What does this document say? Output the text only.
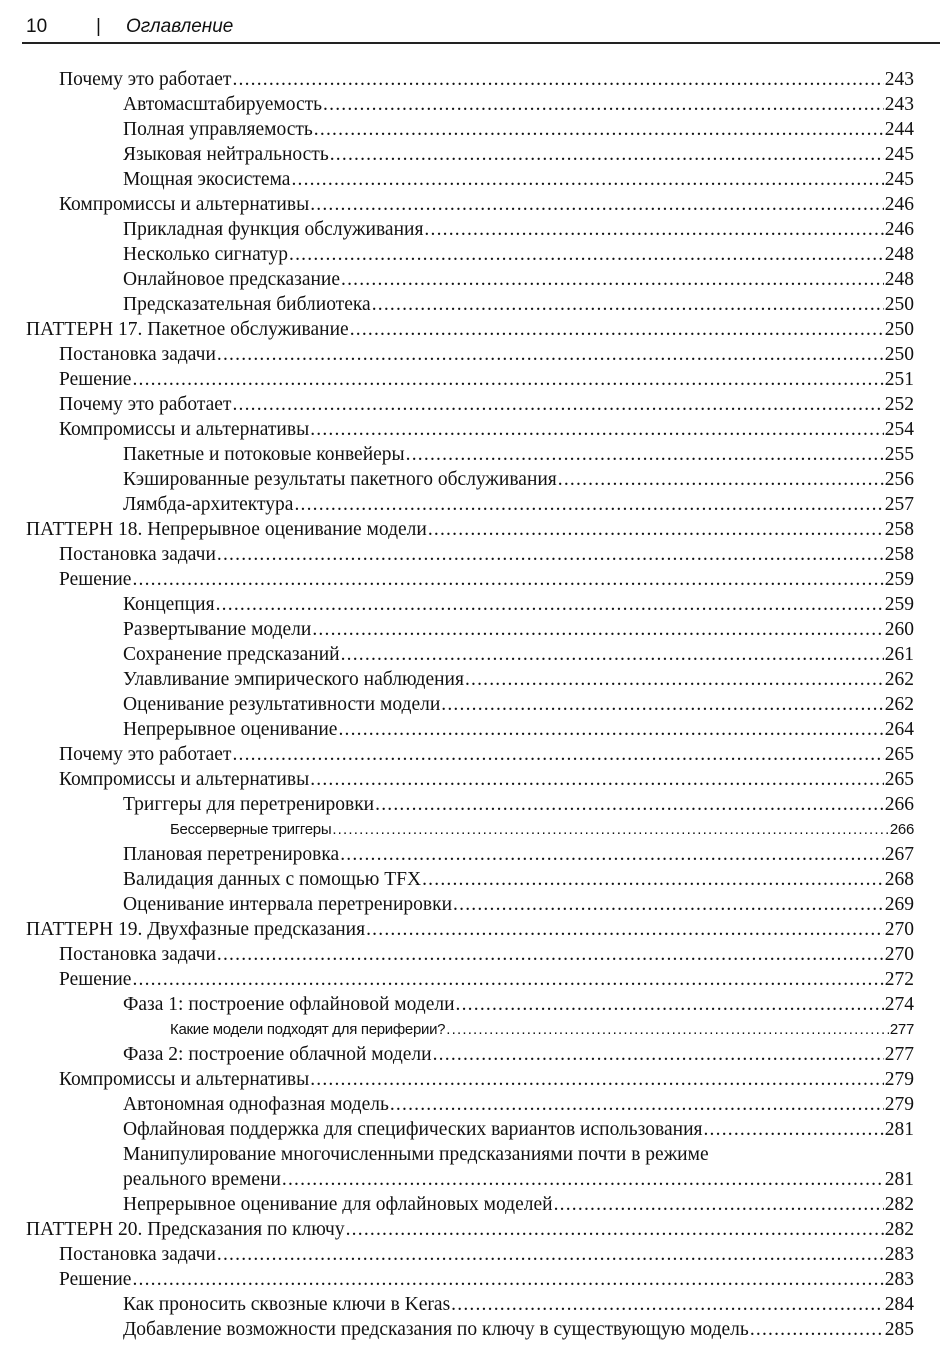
10	| Оглавление
Почему это работает .....	243
Автомасштабируемость .....	243
Полная управляемость .....	244
Языковая нейтральность .....	245
Мощная экосистема .....	245
Компромиссы и альтернативы .....	246
Прикладная функция обслуживания .....	246
Несколько сигнатур .....	248
Онлайновое предсказание .....	248
Предсказательная библиотека .....	250
ПАТТЕРН 17. Пакетное обслуживание .....	250
Постановка задачи .....	250
Решение .....	251
Почему это работает .....	252
Компромиссы и альтернативы .....	254
Пакетные и потоковые конвейеры .....	255
Кэшированные результаты пакетного обслуживания .....	256
Лямбда-архитектура .....	257
ПАТТЕРН 18. Непрерывное оценивание модели .....	258
Постановка задачи .....	258
Решение .....	259
Концепция .....	259
Развертывание модели .....	260
Сохранение предсказаний .....	261
Улавливание эмпирического наблюдения .....	262
Оценивание результативности модели .....	262
Непрерывное оценивание .....	264
Почему это работает .....	265
Компромиссы и альтернативы .....	265
Триггеры для перетренировки .....	266
Бессерверные триггеры .....	266
Плановая перетренировка .....	267
Валидация данных с помощью TFX .....	268
Оценивание интервала перетренировки .....	269
ПАТТЕРН 19. Двухфазные предсказания .....	270
Постановка задачи .....	270
Решение .....	272
Фаза 1: построение офлайновой модели .....	274
Какие модели подходят для периферии? .....	277
Фаза 2: построение облачной модели .....	277
Компромиссы и альтернативы .....	279
Автономная однофазная модель .....	279
Офлайновая поддержка для специфических вариантов использования .....	281
Манипулирование многочисленными предсказаниями почти в режиме
реального времени .....	281
Непрерывное оценивание для офлайновых моделей .....	282
ПАТТЕРН 20. Предсказания по ключу .....	282
Постановка задачи .....	283
Решение .....	283
Как проносить сквозные ключи в Keras .....	284
Добавление возможности предсказания по ключу в существующую модель .....	285
